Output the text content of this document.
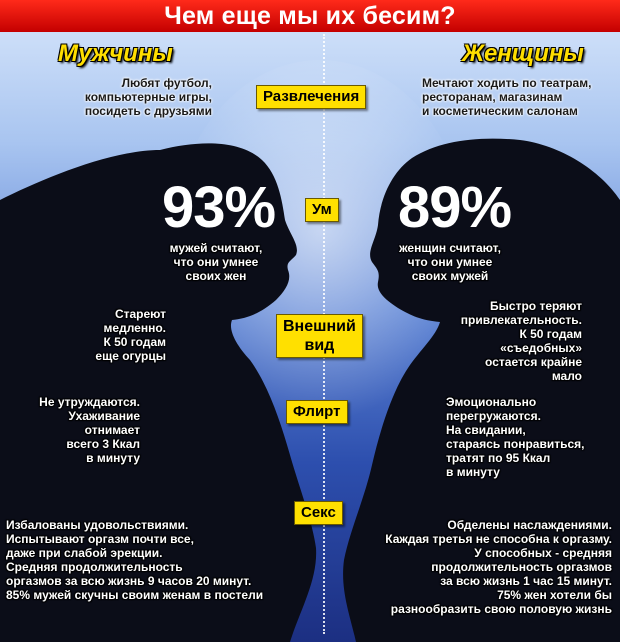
Чем еще мы их бесим?
Мужчины	Женщины
Развлечения
Ум
Внешний
вид
Флирт
Секс
Любят футбол,
компьютерные игры,
посидеть с друзьями
Мечтают ходить по театрам,
ресторанам, магазинам
и косметическим салонам
93%
мужей считают,
что они умнее
своих жен
89%
женщин считают,
что они умнее
своих мужей
Стареют
медленно.
К 50 годам
еще огурцы
Быстро теряют
привлекательность.
К 50 годам
«съедобных»
остается крайне
мало
Не утруждаются.
Ухаживание
отнимает
всего 3 Ккал
в минуту
Эмоционально
перегружаются.
На свидании,
стараясь понравиться,
тратят по 95 Ккал
в минуту
Избалованы удовольствиями.
Испытывают оргазм почти все,
даже при слабой эрекции.
Средняя продолжительность
оргазмов за всю жизнь 9 часов 20 минут.
85% мужей скучны своим женам в постели
Обделены наслаждениями.
Каждая третья не способна к оргазму.
У способных - средняя
продолжительность оргазмов
за всю жизнь 1 час 15 минут.
75% жен хотели бы
разнообразить свою половую жизнь
